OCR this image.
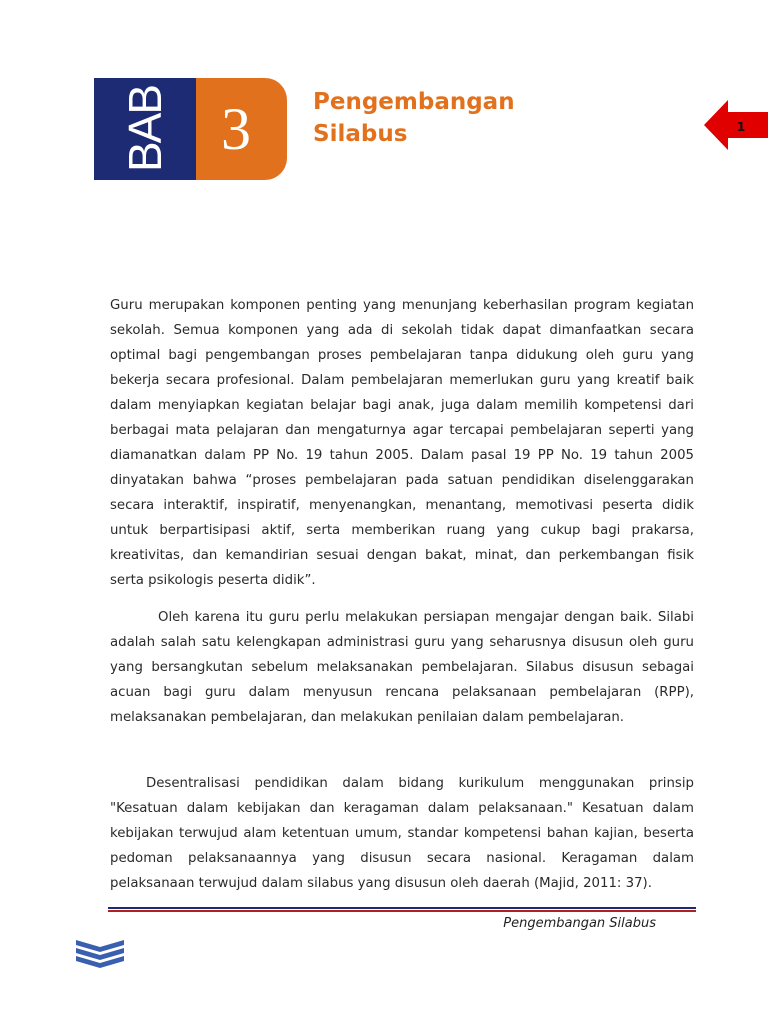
BAB 3	Pengembangan
Silabus	1

Guru merupakan komponen penting yang menunjang keberhasilan program kegiatan sekolah. Semua komponen yang ada di sekolah tidak dapat dimanfaatkan secara optimal bagi pengembangan proses pembelajaran tanpa didukung oleh guru yang bekerja secara profesional. Dalam pembelajaran memerlukan guru yang kreatif baik dalam menyiapkan kegiatan belajar bagi anak, juga dalam memilih kompetensi dari berbagai mata pelajaran dan mengaturnya agar tercapai pembelajaran seperti yang diamanatkan dalam PP No. 19 tahun 2005. Dalam pasal 19 PP No. 19 tahun 2005 dinyatakan bahwa “proses pembelajaran pada satuan pendidikan diselenggarakan secara interaktif, inspiratif, menyenangkan, menantang, memotivasi peserta didik untuk berpartisipasi aktif, serta memberikan ruang yang cukup bagi prakarsa, kreativitas, dan kemandirian sesuai dengan bakat, minat, dan perkembangan fisik serta psikologis peserta didik”.

Oleh karena itu guru perlu melakukan persiapan mengajar dengan baik. Silabi adalah salah satu kelengkapan administrasi guru yang seharusnya disusun oleh guru yang bersangkutan sebelum melaksanakan pembelajaran. Silabus disusun sebagai acuan bagi guru dalam menyusun rencana pelaksanaan pembelajaran (RPP), melaksanakan pembelajaran, dan melakukan penilaian dalam pembelajaran.

Desentralisasi pendidikan dalam bidang kurikulum menggunakan prinsip "Kesatuan dalam kebijakan dan keragaman dalam pelaksanaan." Kesatuan dalam kebijakan terwujud alam ketentuan umum, standar kompetensi bahan kajian, beserta pedoman pelaksanaannya yang disusun secara nasional. Keragaman dalam pelaksanaan terwujud dalam silabus yang disusun oleh daerah (Majid, 2011: 37).

Pengembangan Silabus
